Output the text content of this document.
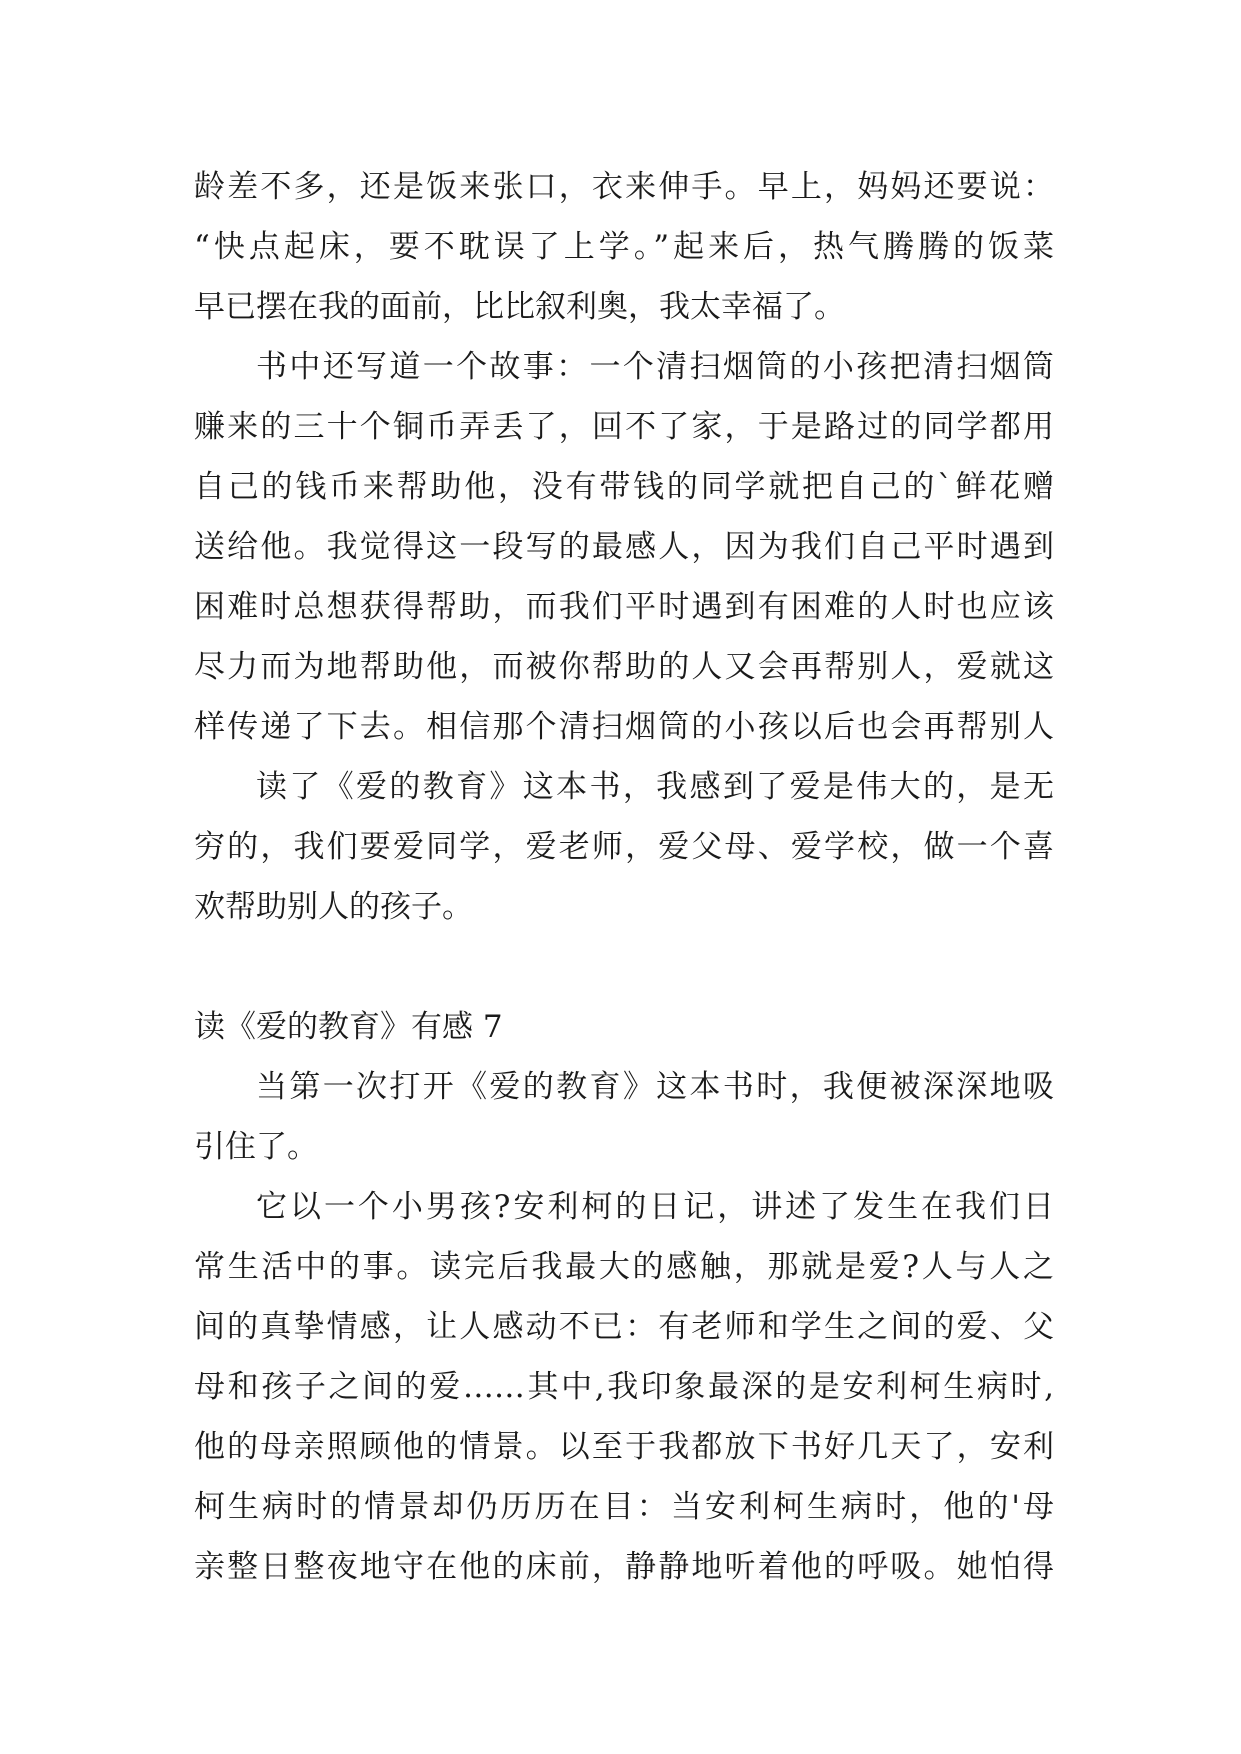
龄差不多，还是饭来张口，衣来伸手。早上，妈妈还要说：
“快点起床，要不耽误了上学。”起来后，热气腾腾的饭菜
早已摆在我的面前，比比叙利奥，我太幸福了。
书中还写道一个故事：一个清扫烟筒的小孩把清扫烟筒
赚来的三十个铜币弄丢了，回不了家，于是路过的同学都用
自己的钱币来帮助他，没有带钱的同学就把自己的`鲜花赠
送给他。我觉得这一段写的最感人，因为我们自己平时遇到
困难时总想获得帮助，而我们平时遇到有困难的人时也应该
尽力而为地帮助他，而被你帮助的人又会再帮别人，爱就这
样传递了下去。相信那个清扫烟筒的小孩以后也会再帮别人
读了《爱的教育》这本书，我感到了爱是伟大的，是无
穷的，我们要爱同学，爱老师，爱父母、爱学校，做一个喜
欢帮助别人的孩子。
读《爱的教育》有感 7
当第一次打开《爱的教育》这本书时，我便被深深地吸
引住了。
它以一个小男孩?安利柯的日记，讲述了发生在我们日
常生活中的事。读完后我最大的感触，那就是爱?人与人之
间的真挚情感，让人感动不已：有老师和学生之间的爱、父
母和孩子之间的爱……其中,我印象最深的是安利柯生病时,
他的母亲照顾他的情景。以至于我都放下书好几天了，安利
柯生病时的情景却仍历历在目：当安利柯生病时，他的'母
亲整日整夜地守在他的床前，静静地听着他的呼吸。她怕得
